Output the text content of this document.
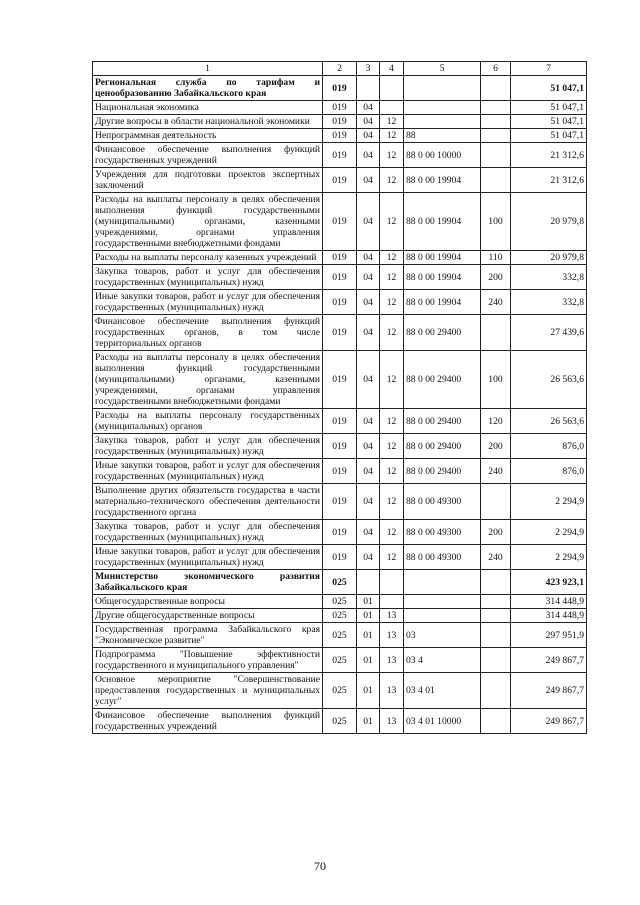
1	2	3	4	5	6	7
Региональная служба по тарифам и ценообразованию Забайкальского края	019					51 047,1
Национальная экономика	019	04				51 047,1
Другие вопросы в области национальной экономики	019	04	12			51 047,1
Непрограммная деятельность	019	04	12	88		51 047,1
Финансовое обеспечение выполнения функций государственных учреждений	019	04	12	88 0 00 10000		21 312,6
Учреждения для подготовки проектов экспертных заключений	019	04	12	88 0 00 19904		21 312,6
Расходы на выплаты персоналу в целях обеспечения выполнения функций государственными (муниципальными) органами, казенными учреждениями, органами управления государственными внебюджетными фондами	019	04	12	88 0 00 19904	100	20 979,8
Расходы на выплаты персоналу казенных учреждений	019	04	12	88 0 00 19904	110	20 979,8
Закупка товаров, работ и услуг для обеспечения государственных (муниципальных) нужд	019	04	12	88 0 00 19904	200	332,8
Иные закупки товаров, работ и услуг для обеспечения государственных (муниципальных) нужд	019	04	12	88 0 00 19904	240	332,8
Финансовое обеспечение выполнения функций государственных органов, в том числе территориальных органов	019	04	12	88 0 00 29400		27 439,6
Расходы на выплаты персоналу в целях обеспечения выполнения функций государственными (муниципальными) органами, казенными учреждениями, органами управления государственными внебюджетными фондами	019	04	12	88 0 00 29400	100	26 563,6
Расходы на выплаты персоналу государственных (муниципальных) органов	019	04	12	88 0 00 29400	120	26 563,6
Закупка товаров, работ и услуг для обеспечения государственных (муниципальных) нужд	019	04	12	88 0 00 29400	200	876,0
Иные закупки товаров, работ и услуг для обеспечения государственных (муниципальных) нужд	019	04	12	88 0 00 29400	240	876,0
Выполнение других обязательств государства в части материально-технического обеспечения деятельности государственного органа	019	04	12	88 0 00 49300		2 294,9
Закупка товаров, работ и услуг для обеспечения государственных (муниципальных) нужд	019	04	12	88 0 00 49300	200	2 294,9
Иные закупки товаров, работ и услуг для обеспечения государственных (муниципальных) нужд	019	04	12	88 0 00 49300	240	2 294,9
Министерство экономического развития Забайкальского края	025					423 923,1
Общегосударственные вопросы	025	01				314 448,9
Другие общегосударственные вопросы	025	01	13			314 448,9
Государственная программа Забайкальского края "Экономическое развитие"	025	01	13	03		297 951,9
Подпрограмма "Повышение эффективности государственного и муниципального управления"	025	01	13	03 4		249 867,7
Основное мероприятие "Совершенствование предоставления государственных и муниципальных услуг"	025	01	13	03 4 01		249 867,7
Финансовое обеспечение выполнения функций государственных учреждений	025	01	13	03 4 01 10000		249 867,7
70
